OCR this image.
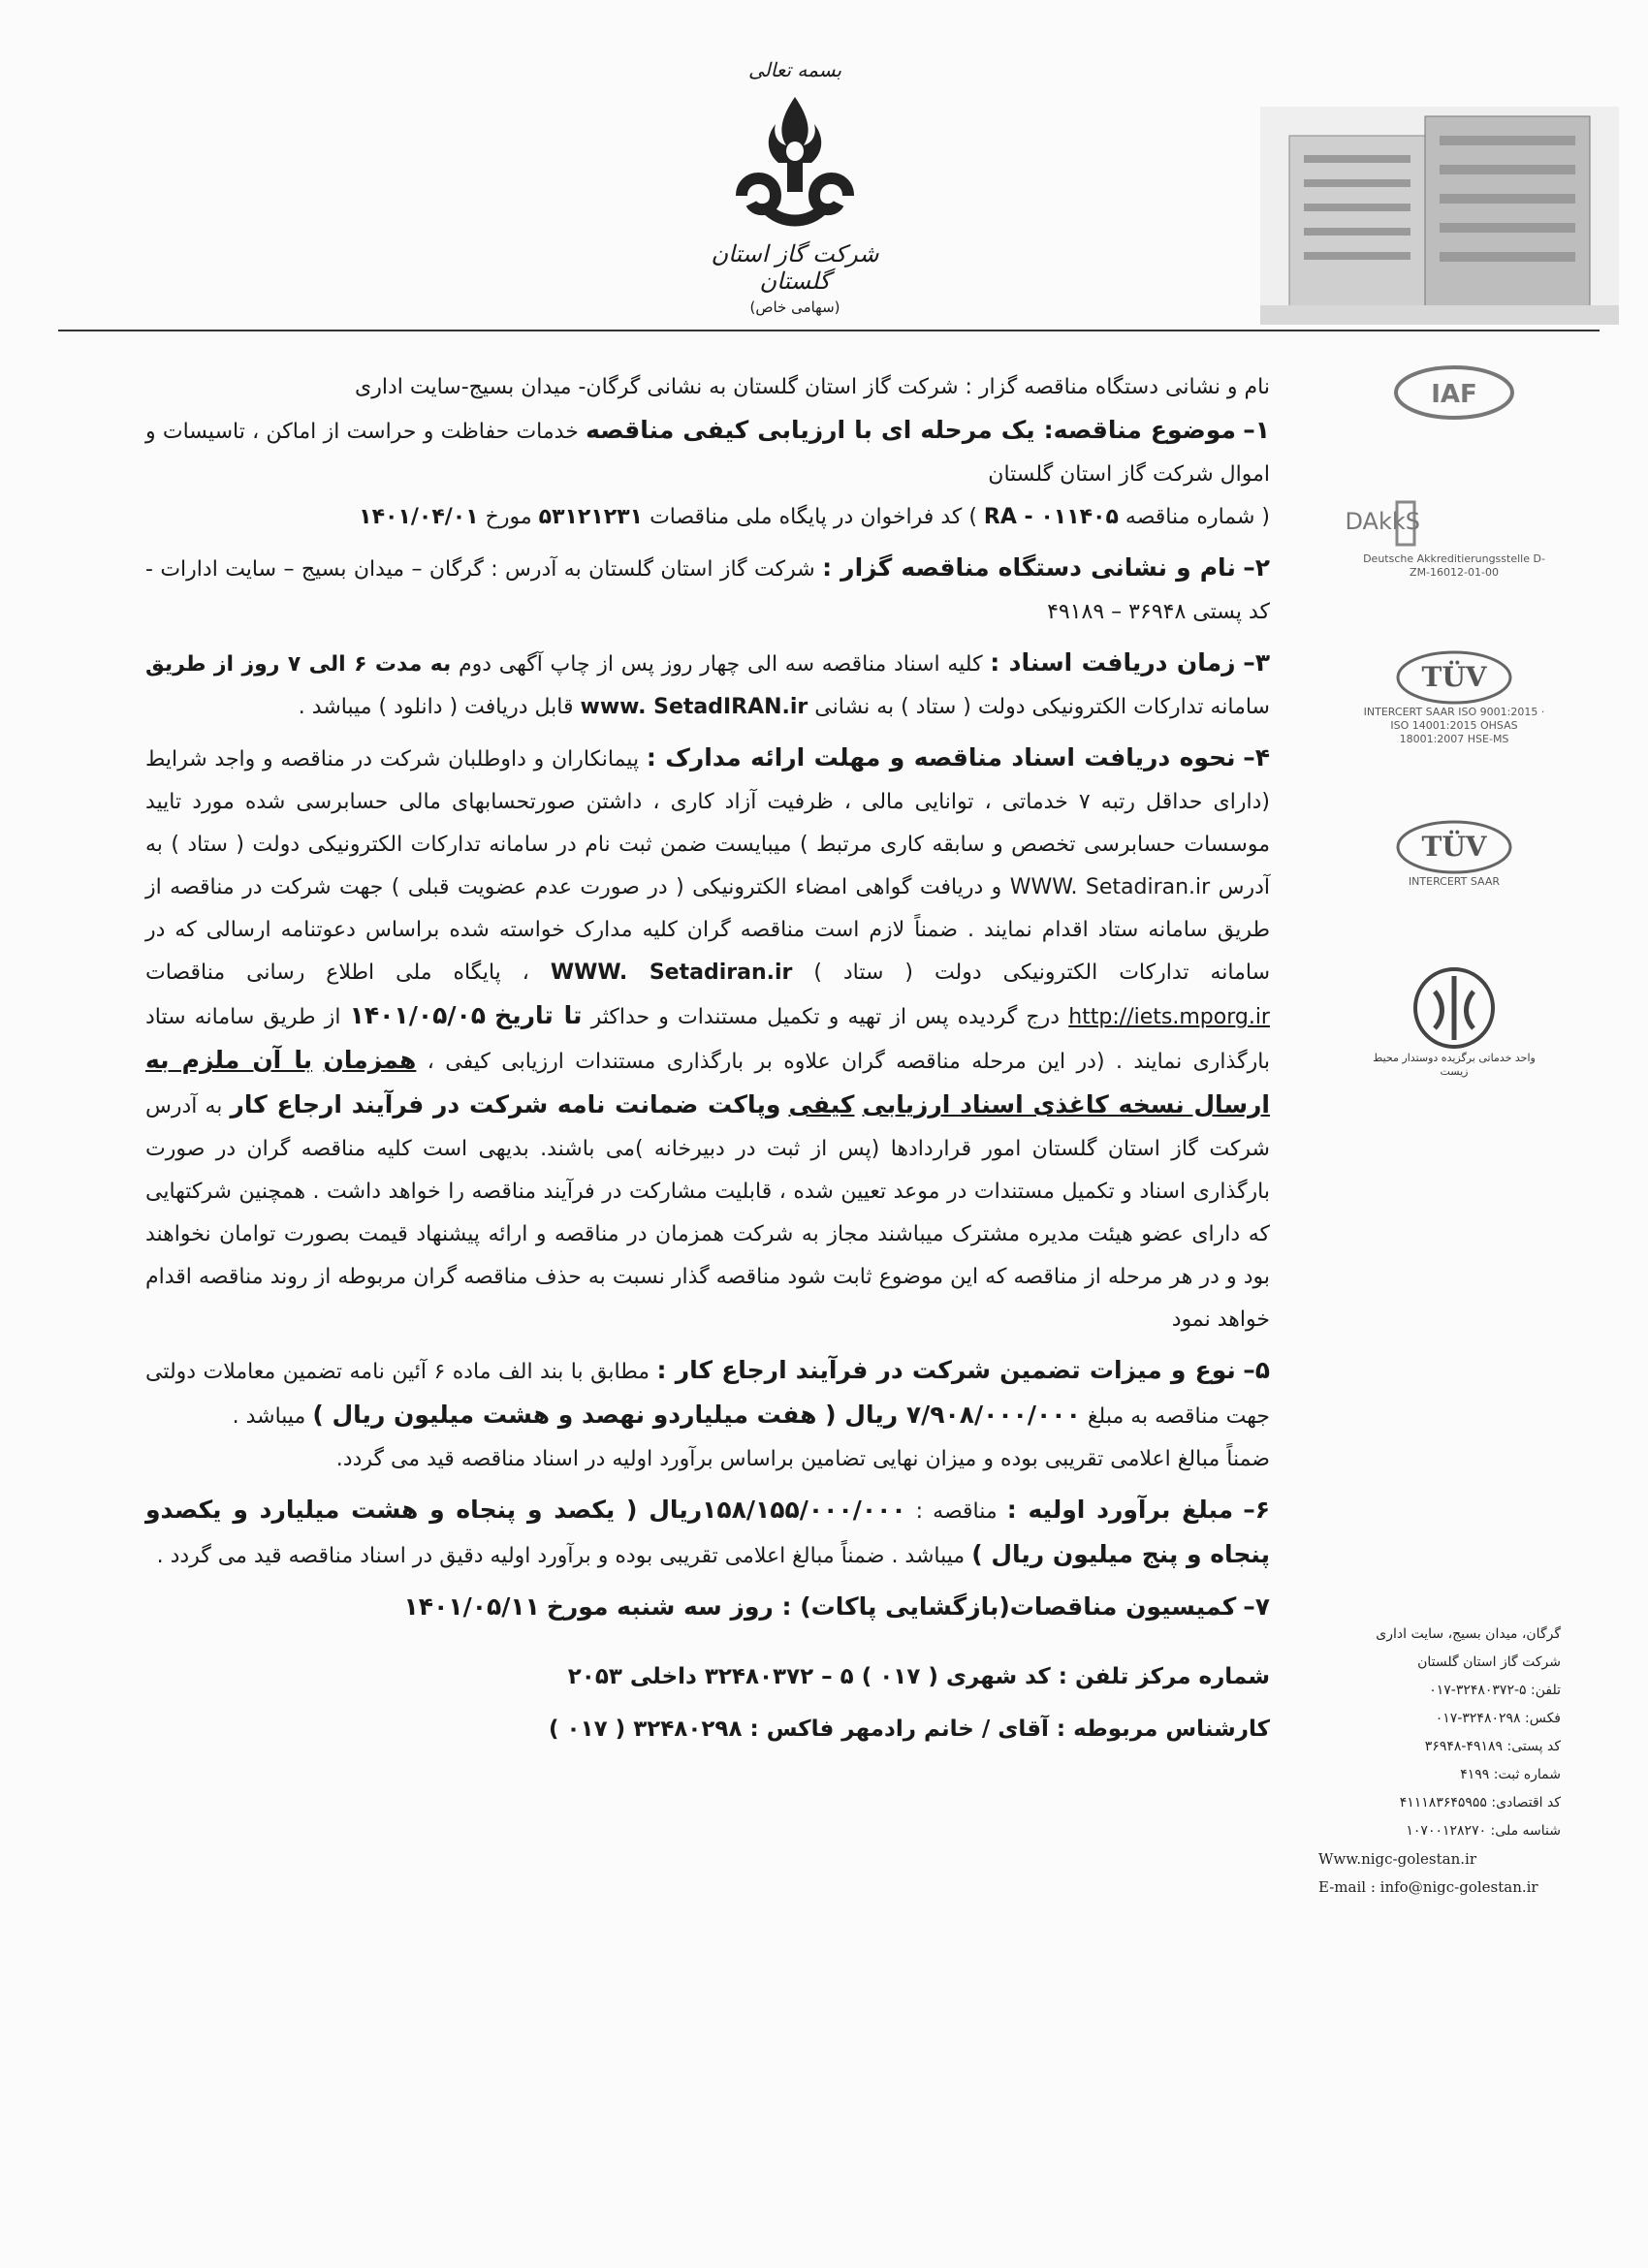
بسمه تعالی
شرکت گاز استان گلستان
(سهامی خاص)
IAF
DAkkS
Deutsche Akkreditierungsstelle D-ZM-16012-01-00
TÜV
INTERCERT SAAR ISO 9001:2015 · ISO 14001:2015 OHSAS 18001:2007 HSE-MS
TÜV
INTERCERT SAAR
واحد خدماتی برگزیده دوستدار محیط زیست
گرگان، میدان بسیج، سایت اداری
شرکت گاز استان گلستان
تلفن: ۵-۳۲۴۸۰۳۷۲-۰۱۷
فکس: ۳۲۴۸۰۲۹۸-۰۱۷
کد پستی: ۴۹۱۸۹-۳۶۹۴۸
شماره ثبت: ۴۱۹۹
کد اقتصادی: ۴۱۱۱۸۳۶۴۵۹۵۵
شناسه ملی: ۱۰۷۰۰۱۲۸۲۷۰
Www.nigc-golestan.ir
E-mail : info@nigc-golestan.ir

نام و نشانی دستگاه مناقصه گزار : شرکت گاز استان گلستان به نشانی گرگان- میدان بسیج-سایت اداری

۱– موضوع مناقصه: یک مرحله ای با ارزیابی کیفی مناقصه خدمات حفاظت و حراست از اماکن ، تاسیسات و اموال شرکت گاز استان گلستان

( شماره مناقصه RA - ۰۱۱۴۰۵ ) کد فراخوان در پایگاه ملی مناقصات ۵۳۱۲۱۲۳۱ مورخ ۱۴۰۱/۰۴/۰۱

۲– نام و نشانی دستگاه مناقصه گزار : شرکت گاز استان گلستان به آدرس : گرگان – میدان بسیج – سایت ادارات - کد پستی ۳۶۹۴۸ – ۴۹۱۸۹

۳– زمان دریافت اسناد : کلیه اسناد مناقصه سه الی چهار روز پس از چاپ آگهی دوم به مدت ۶ الی ۷ روز از طریق سامانه تدارکات الکترونیکی دولت ( ستاد ) به نشانی www. SetadIRAN.ir قابل دریافت ( دانلود ) میباشد .

۴– نحوه دریافت اسناد مناقصه و مهلت ارائه مدارک : پیمانکاران و داوطلبان شرکت در مناقصه و واجد شرایط (دارای حداقل رتبه ۷ خدماتی ، توانایی مالی ، ظرفیت آزاد کاری ، داشتن صورتحسابهای مالی حسابرسی شده مورد تایید موسسات حسابرسی تخصص و سابقه کاری مرتبط ) میبایست ضمن ثبت نام در سامانه تدارکات الکترونیکی دولت ( ستاد ) به آدرس WWW. Setadiran.ir و دریافت گواهی امضاء الکترونیکی ( در صورت عدم عضویت قبلی ) جهت شرکت در مناقصه از طریق سامانه ستاد اقدام نمایند . ضمناً لازم است مناقصه گران کلیه مدارک خواسته شده براساس دعوتنامه ارسالی که در سامانه تدارکات الکترونیکی دولت ( ستاد ) WWW. Setadiran.ir ، پایگاه ملی اطلاع رسانی مناقصات http://iets.mporg.ir درج گردیده پس از تهیه و تکمیل مستندات و حداکثر تا تاریخ ۱۴۰۱/۰۵/۰۵ از طریق سامانه ستاد بارگذاری نمایند . (در این مرحله مناقصه گران علاوه بر بارگذاری مستندات ارزیابی کیفی ، همزمان با آن ملزم به ارسال نسخه کاغذی اسناد ارزیابی کیفی وپاکت ضمانت نامه شرکت در فرآیند ارجاع کار به آدرس شرکت گاز استان گلستان امور قراردادها (پس از ثبت در دبیرخانه )می باشند. بدیهی است کلیه مناقصه گران در صورت بارگذاری اسناد و تکمیل مستندات در موعد تعیین شده ، قابلیت مشارکت در فرآیند مناقصه را خواهد داشت . همچنین شرکتهایی که دارای عضو هیئت مدیره مشترک میباشند مجاز به شرکت همزمان در مناقصه و ارائه پیشنهاد قیمت بصورت توامان نخواهند بود و در هر مرحله از مناقصه که این موضوع ثابت شود مناقصه گذار نسبت به حذف مناقصه گران مربوطه از روند مناقصه اقدام خواهد نمود

۵– نوع و میزات تضمین شرکت در فرآیند ارجاع کار : مطابق با بند الف ماده ۶ آئین نامه تضمین معاملات دولتی جهت مناقصه به مبلغ ۷/۹۰۸/۰۰۰/۰۰۰ ریال ( هفت میلیاردو نهصد و هشت میلیون ریال ) میباشد .

ضمناً مبالغ اعلامی تقریبی بوده و میزان نهایی تضامین براساس برآورد اولیه در اسناد مناقصه قید می گردد.

۶– مبلغ برآورد اولیه : مناقصه : ۱۵۸/۱۵۵/۰۰۰/۰۰۰ریال ( یکصد و پنجاه و هشت میلیارد و یکصدو پنجاه و پنج میلیون ریال ) میباشد . ضمناً مبالغ اعلامی تقریبی بوده و برآورد اولیه دقیق در اسناد مناقصه قید می گردد .

۷– کمیسیون مناقصات(بازگشایی پاکات) : روز سه شنبه مورخ ۱۴۰۱/۰۵/۱۱

شماره مرکز تلفن : کد شهری ( ۰۱۷ ) ۵ – ۳۲۴۸۰۳۷۲ داخلی ۲۰۵۳

کارشناس مربوطه : آقای / خانم رادمهر فاکس : ۳۲۴۸۰۲۹۸ ( ۰۱۷ )
